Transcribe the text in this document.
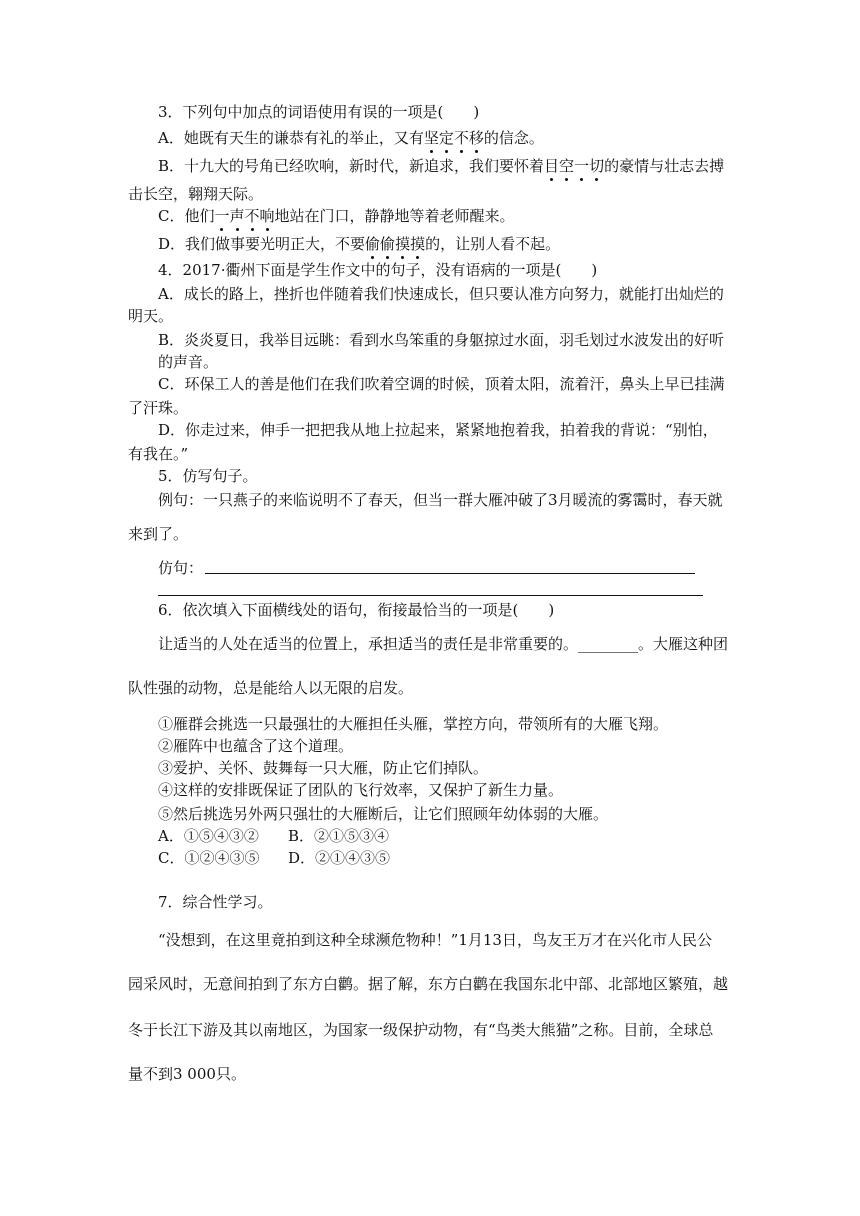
3．下列句中加点的词语使用有误的一项是(　　)
A．她既有天生的谦恭有礼的举止，又有坚定不移的信念。
B．十九大的号角已经吹响，新时代，新追求，我们要怀着目空一切的豪情与壮志去搏
击长空，翱翔天际。
C．他们一声不响地站在门口，静静地等着老师醒来。
D．我们做事要光明正大，不要偷偷摸摸的，让别人看不起。
4．2017·衢州下面是学生作文中的句子，没有语病的一项是(　　)
A．成长的路上，挫折也伴随着我们快速成长，但只要认准方向努力，就能打出灿烂的
明天。
B．炎炎夏日，我举目远眺：看到水鸟笨重的身躯掠过水面，羽毛划过水波发出的好听
的声音。
C．环保工人的善是他们在我们吹着空调的时候，顶着太阳，流着汗，鼻头上早已挂满
了汗珠。
D．你走过来，伸手一把把我从地上拉起来，紧紧地抱着我，拍着我的背说：“别怕，
有我在。”
5．仿写句子。
例句：一只燕子的来临说明不了春天，但当一群大雁冲破了3月暖流的雾霭时，春天就
来到了。
仿句：
6．依次填入下面横线处的语句，衔接最恰当的一项是(　　)
让适当的人处在适当的位置上，承担适当的责任是非常重要的。________。大雁这种团
队性强的动物，总是能给人以无限的启发。
①雁群会挑选一只最强壮的大雁担任头雁，掌控方向，带领所有的大雁飞翔。
②雁阵中也蕴含了这个道理。
③爱护、关怀、鼓舞每一只大雁，防止它们掉队。
④这样的安排既保证了团队的飞行效率，又保护了新生力量。
⑤然后挑选另外两只强壮的大雁断后，让它们照顾年幼体弱的大雁。
A．①⑤④③② B．②①⑤③④
C．①②④③⑤ D．②①④③⑤
7．综合性学习。
“没想到，在这里竟拍到这种全球濒危物种！”1月13日，鸟友王万才在兴化市人民公
园采风时，无意间拍到了东方白鹳。据了解，东方白鹳在我国东北中部、北部地区繁殖，越
冬于长江下游及其以南地区，为国家一级保护动物，有“鸟类大熊猫”之称。目前，全球总
量不到3 000只。
